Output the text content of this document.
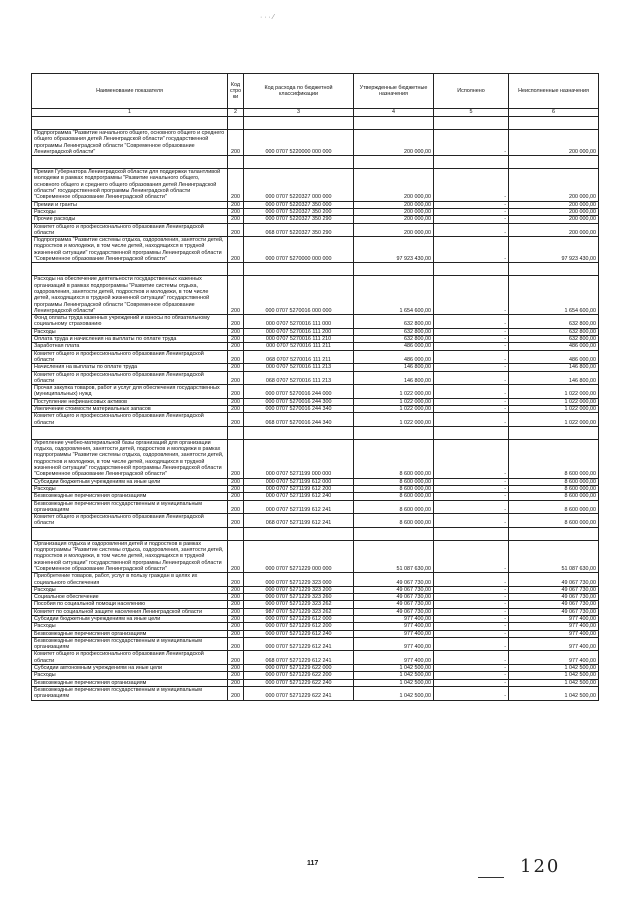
· · · ⁄
Наименование показателя	Код стро ки	Код расхода по бюджетной классификации	Утвержденные бюджетные назначения	Исполнено	Неисполненные назначения
1	2	3	4	5	6

Подпрограмма "Развитие начального общего, основного общего и среднего общего образования детей Ленинградской области" государственной программы Ленинградской области "Современное образование Ленинградской области"	200	000 0707 5220000 000 000	200 000,00	-	200 000,00

Премия Губернатора Ленинградской области для поддержки талантливой молодежи в рамках подпрограммы "Развитие начального общего, основного общего и среднего общего образования детей Ленинградской области" государственной программы Ленинградской области "Современное образование Ленинградской области"	200	000 0707 5220327 000 000	200 000,00	-	200 000,00
Премии и гранты	200	000 0707 5220327 350 000	200 000,00	-	200 000,00
Расходы	200	000 0707 5220327 350 200	200 000,00	-	200 000,00
Прочие расходы	200	000 0707 5220327 350 290	200 000,00	-	200 000,00
Комитет общего и профессионального образования Ленинградской области	200	068 0707 5220327 350 290	200 000,00	-	200 000,00
Подпрограмма "Развитие системы отдыха, оздоровления, занятости детей, подростков и молодежи, в том числе детей, находящихся в трудной жизненной ситуации" государственной программы Ленинградской области "Современное образование Ленинградской области"	200	000 0707 5270000 000 000	97 923 430,00	-	97 923 430,00

Расходы на обеспечение деятельности государственных казенных организаций в рамках подпрограммы "Развитие системы отдыха, оздоровления, занятости детей, подростков и молодежи, в том числе детей, находящихся в трудной жизненной ситуации" государственной программы Ленинградской области "Современное образование Ленинградской области"	200	000 0707 5270016 000 000	1 654 600,00	-	1 654 600,00
Фонд оплаты труда казенных учреждений и взносы по обязательному социальному страхованию	200	000 0707 5270016 111 000	632 800,00	-	632 800,00
Расходы	200	000 0707 5270016 111 200	632 800,00	-	632 800,00
Оплата труда и начисления на выплаты по оплате труда	200	000 0707 5270016 111 210	632 800,00	-	632 800,00
Заработная плата	200	000 0707 5270016 111 211	486 000,00	-	486 000,00
Комитет общего и профессионального образования Ленинградской области	200	068 0707 5270016 111 211	486 000,00	-	486 000,00
Начисления на выплаты по оплате труда	200	000 0707 5270016 111 213	146 800,00	-	146 800,00
Комитет общего и профессионального образования Ленинградской области	200	068 0707 5270016 111 213	146 800,00	-	146 800,00
Прочая закупка товаров, работ и услуг для обеспечения государственных (муниципальных) нужд	200	000 0707 5270016 244 000	1 022 000,00	-	1 022 000,00
Поступление нефинансовых активов	200	000 0707 5270016 244 300	1 022 000,00	-	1 022 000,00
Увеличение стоимости материальных запасов	200	000 0707 5270016 244 340	1 022 000,00	-	1 022 000,00
Комитет общего и профессионального образования Ленинградской области	200	068 0707 5270016 244 340	1 022 000,00	-	1 022 000,00

Укрепление учебно-материальной базы организаций для организации отдыха, оздоровления, занятости детей, подростков и молодежи в рамках подпрограммы "Развитие системы отдыха, оздоровления, занятости детей, подростков и молодежи, в том числе детей, находящихся в трудной жизненной ситуации" государственной программы Ленинградской области "Современное образование Ленинградской области"	200	000 0707 5271199 000 000	8 600 000,00	-	8 600 000,00
Субсидии бюджетным учреждениям на иные цели	200	000 0707 5271199 612 000	8 600 000,00	-	8 600 000,00
Расходы	200	000 0707 5271199 612 200	8 600 000,00	-	8 600 000,00
Безвозмездные перечисления организациям	200	000 0707 5271199 612 240	8 600 000,00	-	8 600 000,00
Безвозмездные перечисления государственным и муниципальным организациям	200	000 0707 5271199 612 241	8 600 000,00	-	8 600 000,00
Комитет общего и профессионального образования Ленинградской области	200	068 0707 5271199 612 241	8 600 000,00	-	8 600 000,00

Организация отдыха и оздоровления детей и подростков в рамках подпрограммы "Развитие системы отдыха, оздоровления, занятости детей, подростков и молодежи, в том числе детей, находящихся в трудной жизненной ситуации" государственной программы Ленинградской области "Современное образование Ленинградской области"	200	000 0707 5271229 000 000	51 087 630,00	-	51 087 630,00
Приобретение товаров, работ, услуг в пользу граждан в целях их социального обеспечения	200	000 0707 5271229 323 000	49 067 730,00	-	49 067 730,00
Расходы	200	000 0707 5271229 323 200	49 067 730,00	-	49 067 730,00
Социальное обеспечение	200	000 0707 5271229 323 260	49 067 730,00	-	49 067 730,00
Пособия по социальной помощи населению	200	000 0707 5271229 323 262	49 067 730,00	-	49 067 730,00
Комитет по социальной защите населения Ленинградской области	200	987 0707 5271229 323 262	49 067 730,00	-	49 067 730,00
Субсидии бюджетным учреждениям на иные цели	200	000 0707 5271229 612 000	977 400,00	-	977 400,00
Расходы	200	000 0707 5271229 612 200	977 400,00	-	977 400,00
Безвозмездные перечисления организациям	200	000 0707 5271229 612 240	977 400,00	-	977 400,00
Безвозмездные перечисления государственным и муниципальным организациям	200	000 0707 5271229 612 241	977 400,00	-	977 400,00
Комитет общего и профессионального образования Ленинградской области	200	068 0707 5271229 612 241	977 400,00	-	977 400,00
Субсидии автономным учреждениям на иные цели	200	000 0707 5271229 622 000	1 042 500,00	-	1 042 500,00
Расходы	200	000 0707 5271229 622 200	1 042 500,00	-	1 042 500,00
Безвозмездные перечисления организациям	200	000 0707 5271229 622 240	1 042 500,00	-	1 042 500,00
Безвозмездные перечисления государственным и муниципальным организациям	200	000 0707 5271229 622 241	1 042 500,00	-	1 042 500,00
117	120
